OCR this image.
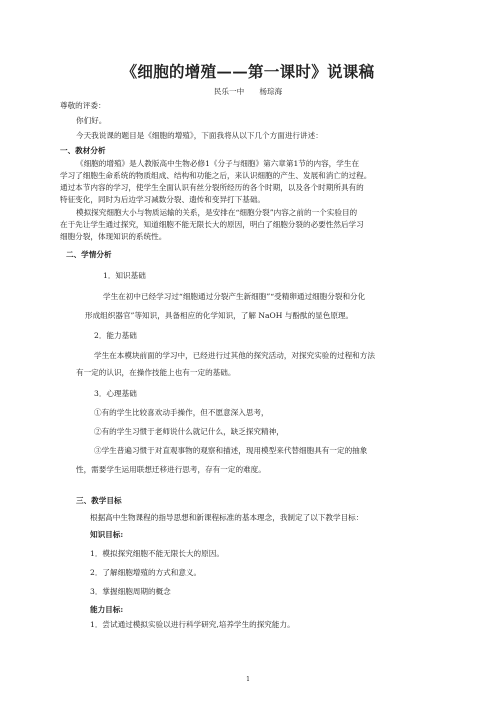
《细胞的增殖——第一课时》说课稿
民乐一中　　杨琮海
尊敬的评委：
你们好。
今天我说课的题目是《细胞的增殖》，下面我将从以下几个方面进行讲述：
一、教材分析
《细胞的增殖》是人教版高中生物必修1《分子与细胞》第六章第1节的内容，学生在
学习了细胞生命系统的物质组成、结构和功能之后，来认识细胞的产生、发展和消亡的过程。
通过本节内容的学习，使学生全面认识有丝分裂所经历的各个时期，以及各个时期所具有的
特征变化，同时为后边学习减数分裂、遗传和变异打下基础。
模拟探究细胞大小与物质运输的关系，是安排在“细胞分裂”内容之前的一个实验目的
在于先让学生通过探究，知道细胞不能无限长大的原因，明白了细胞分裂的必要性然后学习
细胞分裂，体现知识的系统性。
二、学情分析
1．知识基础
学生在初中已经学习过“细胞通过分裂产生新细胞”“受精卵通过细胞分裂和分化
形成组织器官”等知识，具备相应的化学知识，了解 NaOH 与酚酞的显色原理。
2．能力基础
学生在本模块前面的学习中，已经进行过其他的探究活动，对探究实验的过程和方法
有一定的认识，在操作技能上也有一定的基础。
3．心理基础
①有的学生比较喜欢动手操作，但不愿意深入思考，
②有的学生习惯于老师说什么就记什么，缺乏探究精神，
③学生普遍习惯于对直观事物的观察和描述，现用模型来代替细胞具有一定的抽象
性，需要学生运用联想迁移进行思考，存有一定的难度。
三、教学目标
根据高中生物课程的指导思想和新课程标准的基本理念，我制定了以下教学目标：
知识目标:
1．模拟探究细胞不能无限长大的原因。
2．了解细胞增殖的方式和意义。
3．掌握细胞周期的概念
能力目标:
1．尝试通过模拟实验以进行科学研究,培养学生的探究能力。
1
